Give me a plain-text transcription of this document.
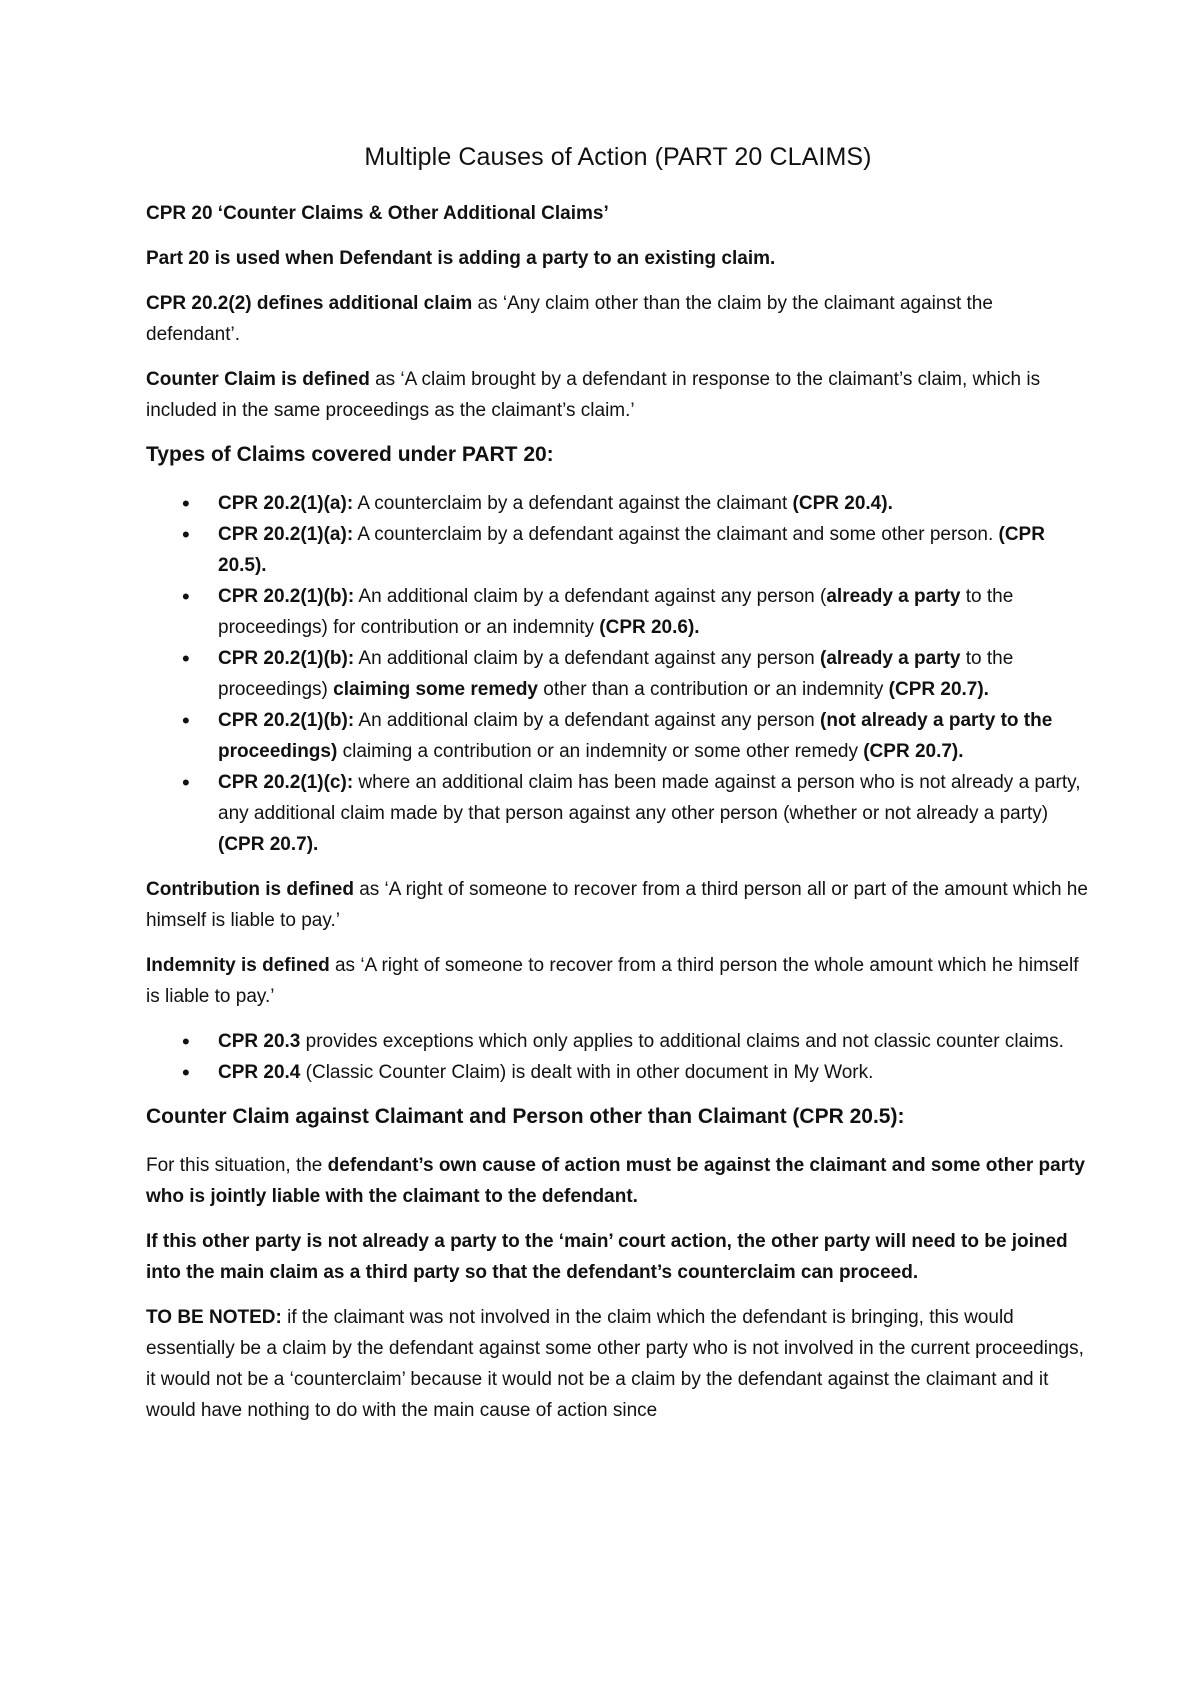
Multiple Causes of Action (PART 20 CLAIMS)

CPR 20 ‘Counter Claims & Other Additional Claims’

Part 20 is used when Defendant is adding a party to an existing claim.

CPR 20.2(2) defines additional claim as ‘Any claim other than the claim by the claimant against the defendant’.

Counter Claim is defined as ‘A claim brought by a defendant in response to the claimant’s claim, which is included in the same proceedings as the claimant’s claim.’

Types of Claims covered under PART 20:
• CPR 20.2(1)(a): A counterclaim by a defendant against the claimant (CPR 20.4).
• CPR 20.2(1)(a): A counterclaim by a defendant against the claimant and some other person. (CPR 20.5).
• CPR 20.2(1)(b): An additional claim by a defendant against any person (already a party to the proceedings) for contribution or an indemnity (CPR 20.6).
• CPR 20.2(1)(b): An additional claim by a defendant against any person (already a party to the proceedings) claiming some remedy other than a contribution or an indemnity (CPR 20.7).
• CPR 20.2(1)(b): An additional claim by a defendant against any person (not already a party to the proceedings) claiming a contribution or an indemnity or some other remedy (CPR 20.7).
• CPR 20.2(1)(c): where an additional claim has been made against a person who is not already a party, any additional claim made by that person against any other person (whether or not already a party) (CPR 20.7).

Contribution is defined as ‘A right of someone to recover from a third person all or part of the amount which he himself is liable to pay.’

Indemnity is defined as ‘A right of someone to recover from a third person the whole amount which he himself is liable to pay.’

• CPR 20.3 provides exceptions which only applies to additional claims and not classic counter claims.
• CPR 20.4 (Classic Counter Claim) is dealt with in other document in My Work.
Counter Claim against Claimant and Person other than Claimant (CPR 20.5):

For this situation, the defendant’s own cause of action must be against the claimant and some other party who is jointly liable with the claimant to the defendant.

If this other party is not already a party to the ‘main’ court action, the other party will need to be joined into the main claim as a third party so that the defendant’s counterclaim can proceed.

TO BE NOTED: if the claimant was not involved in the claim which the defendant is bringing, this would essentially be a claim by the defendant against some other party who is not involved in the current proceedings, it would not be a ‘counterclaim’ because it would not be a claim by the defendant against the claimant and it would have nothing to do with the main cause of action since
